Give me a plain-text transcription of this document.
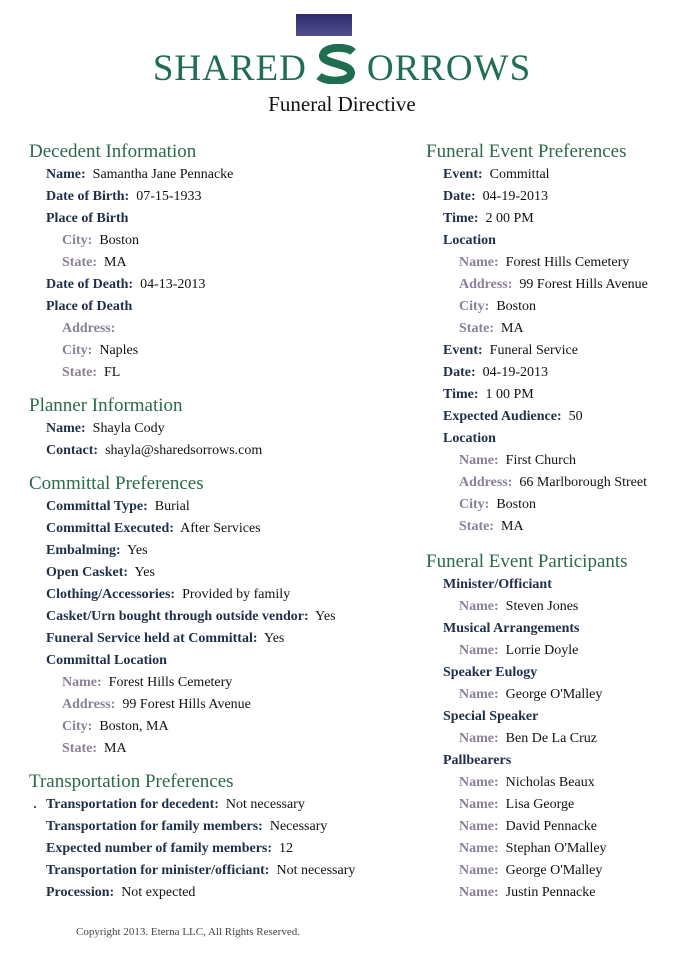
SHARED ORROWS
Funeral Directive
Decedent Information
Name: Samantha Jane Pennacke
Date of Birth: 07-15-1933
Place of Birth
City: Boston
State: MA
Date of Death: 04-13-2013
Place of Death
Address:
City: Naples
State: FL
Planner Information
Name: Shayla Cody
Contact: shayla@sharedsorrows.com
Committal Preferences
Committal Type: Burial
Committal Executed: After Services
Embalming: Yes
Open Casket: Yes
Clothing/Accessories: Provided by family
Casket/Urn bought through outside vendor: Yes
Funeral Service held at Committal: Yes
Committal Location
Name: Forest Hills Cemetery
Address: 99 Forest Hills Avenue
City: Boston, MA
State: MA
Transportation Preferences
Transportation for decedent: Not necessary
Transportation for family members: Necessary
Expected number of family members: 12
Transportation for minister/officiant: Not necessary
Procession: Not expected
Funeral Event Preferences
Event: Committal
Date: 04-19-2013
Time: 2 00 PM
Location
Name: Forest Hills Cemetery
Address: 99 Forest Hills Avenue
City: Boston
State: MA
Event: Funeral Service
Date: 04-19-2013
Time: 1 00 PM
Expected Audience: 50
Location
Name: First Church
Address: 66 Marlborough Street
City: Boston
State: MA
Funeral Event Participants
Minister/Officiant
Name: Steven Jones
Musical Arrangements
Name: Lorrie Doyle
Speaker Eulogy
Name: George O'Malley
Special Speaker
Name: Ben De La Cruz
Pallbearers
Name: Nicholas Beaux
Name: Lisa George
Name: David Pennacke
Name: Stephan O'Malley
Name: George O'Malley
Name: Justin Pennacke
Copyright 2013. Eterna LLC, All Rights Reserved.
